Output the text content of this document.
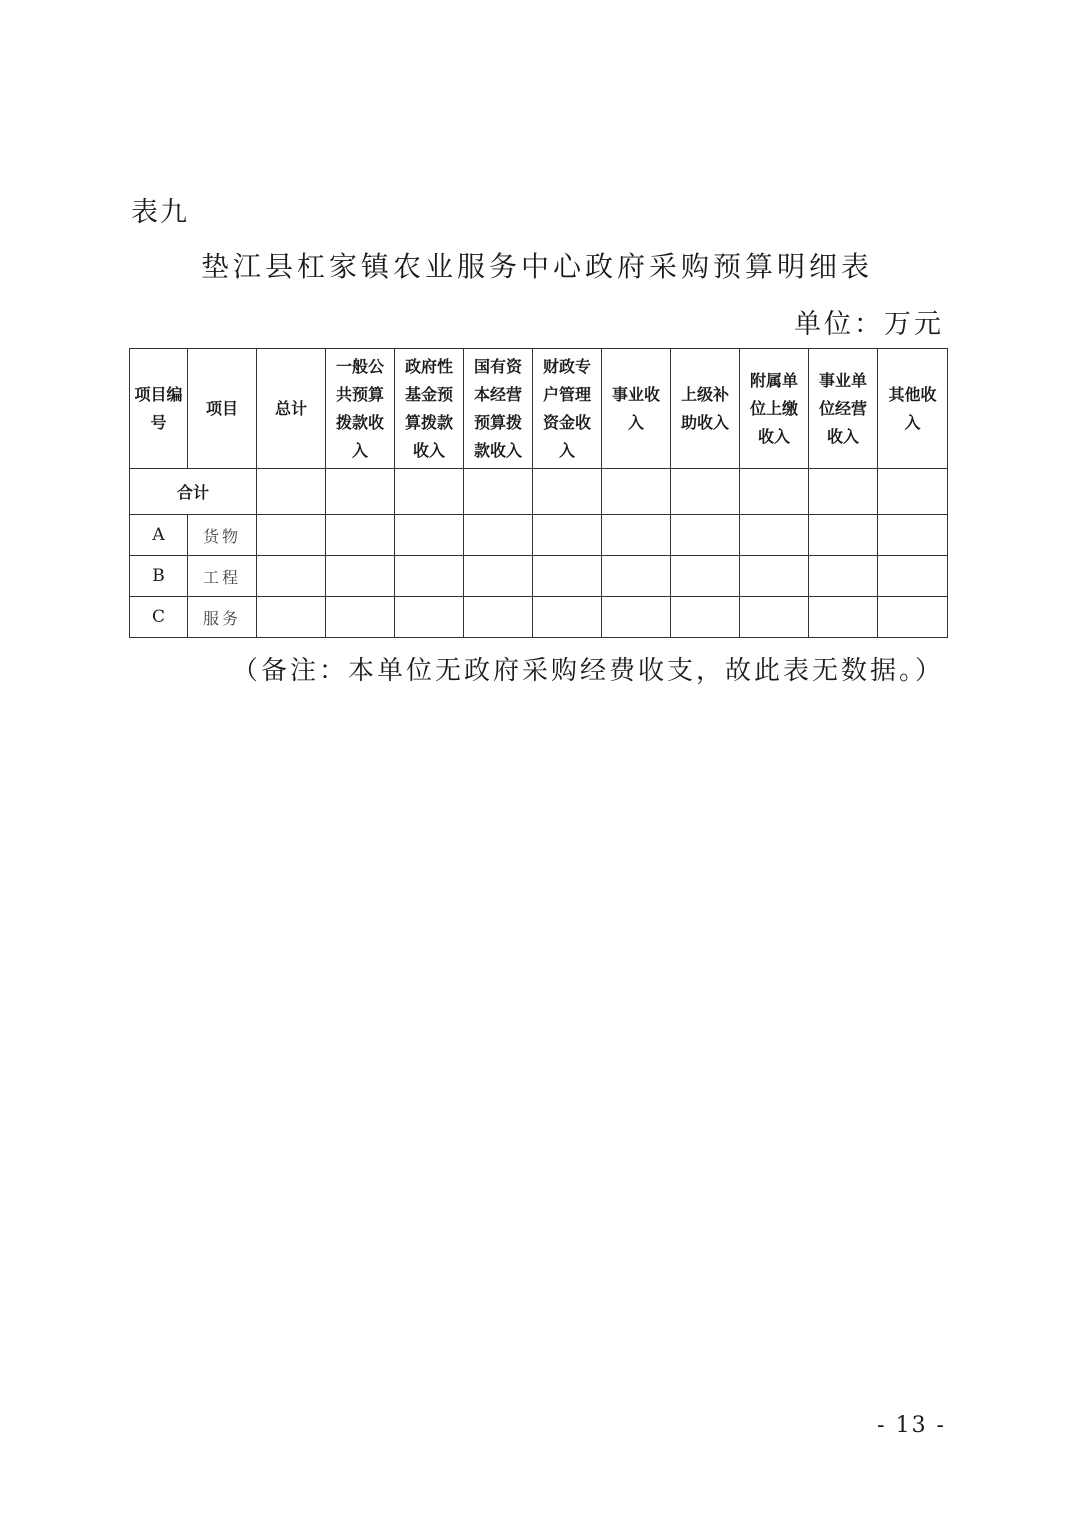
表九
垫江县杠家镇农业服务中心政府采购预算明细表
单位：万元
项目编号	项目	总计	一般公共预算拨款收入	政府性基金预算拨款收入	国有资本经营预算拨款收入	财政专户管理资金收入	事业收入	上级补助收入	附属单位上缴收入	事业单位经营收入	其他收入
合计											
A	货物										
B	工程										
C	服务										
（备注：本单位无政府采购经费收支，故此表无数据。）
- 13 -
